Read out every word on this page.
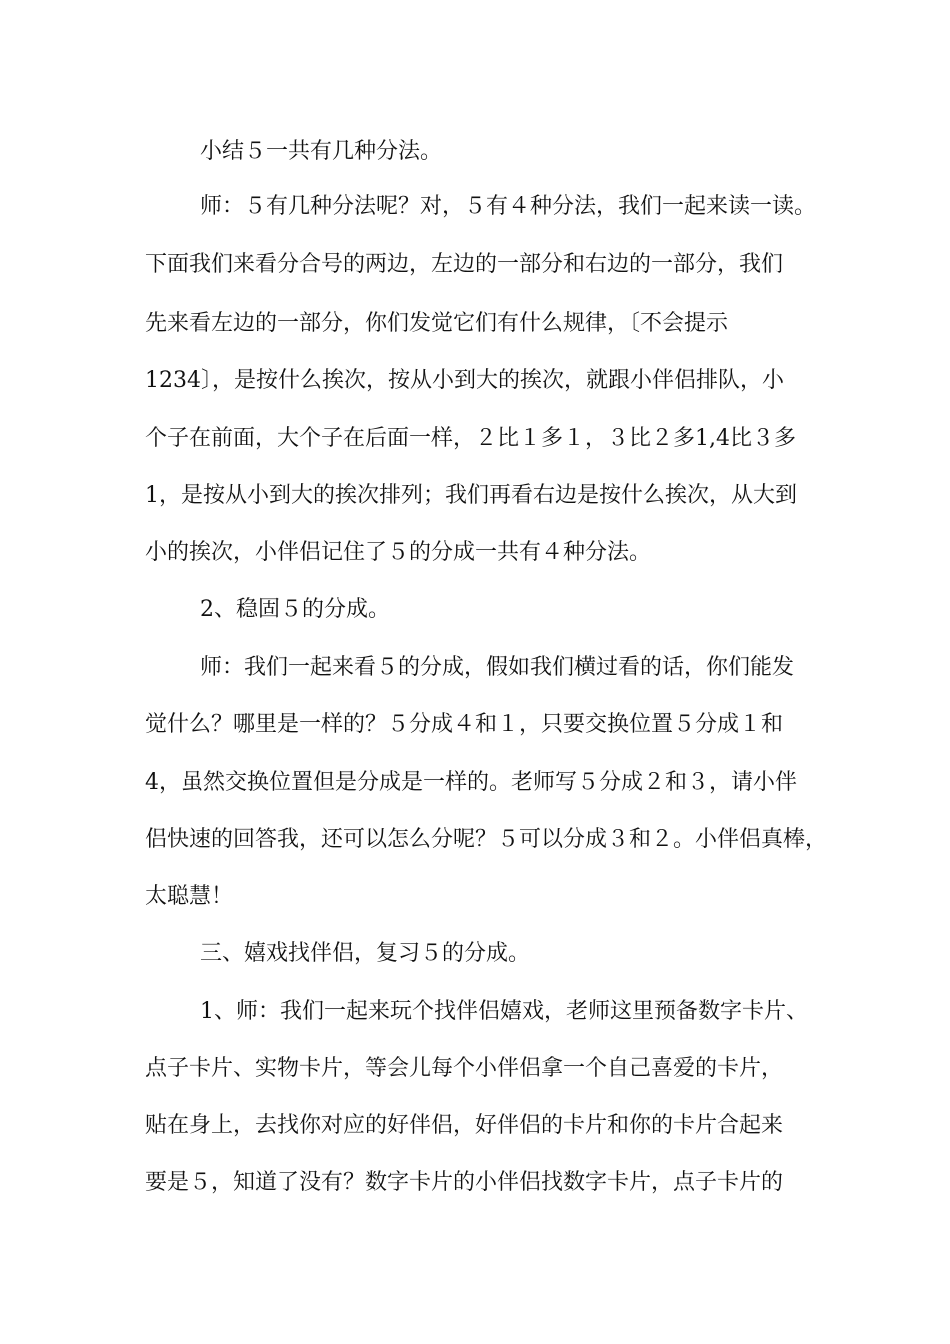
小结５一共有几种分法。
师：５有几种分法呢？对，５有４种分法，我们一起来读一读。
下面我们来看分合号的两边，左边的一部分和右边的一部分，我们
先来看左边的一部分，你们发觉它们有什么规律，〔不会提示
1234〕，是按什么挨次，按从小到大的挨次，就跟小伴侣排队，小
个子在前面，大个子在后面一样，２比１多１，３比２多1,4比３多
1，是按从小到大的挨次排列；我们再看右边是按什么挨次，从大到
小的挨次，小伴侣记住了５的分成一共有４种分法。
2、稳固５的分成。
师：我们一起来看５的分成，假如我们横过看的话，你们能发
觉什么？哪里是一样的？５分成４和１，只要交换位置５分成１和
4，虽然交换位置但是分成是一样的。老师写５分成２和３，请小伴
侣快速的回答我，还可以怎么分呢？５可以分成３和２。小伴侣真棒，
太聪慧！
三、嬉戏找伴侣，复习５的分成。
1、师：我们一起来玩个找伴侣嬉戏，老师这里预备数字卡片、
点子卡片、实物卡片，等会儿每个小伴侣拿一个自己喜爱的卡片，
贴在身上，去找你对应的好伴侣，好伴侣的卡片和你的卡片合起来
要是５，知道了没有？数字卡片的小伴侣找数字卡片，点子卡片的
